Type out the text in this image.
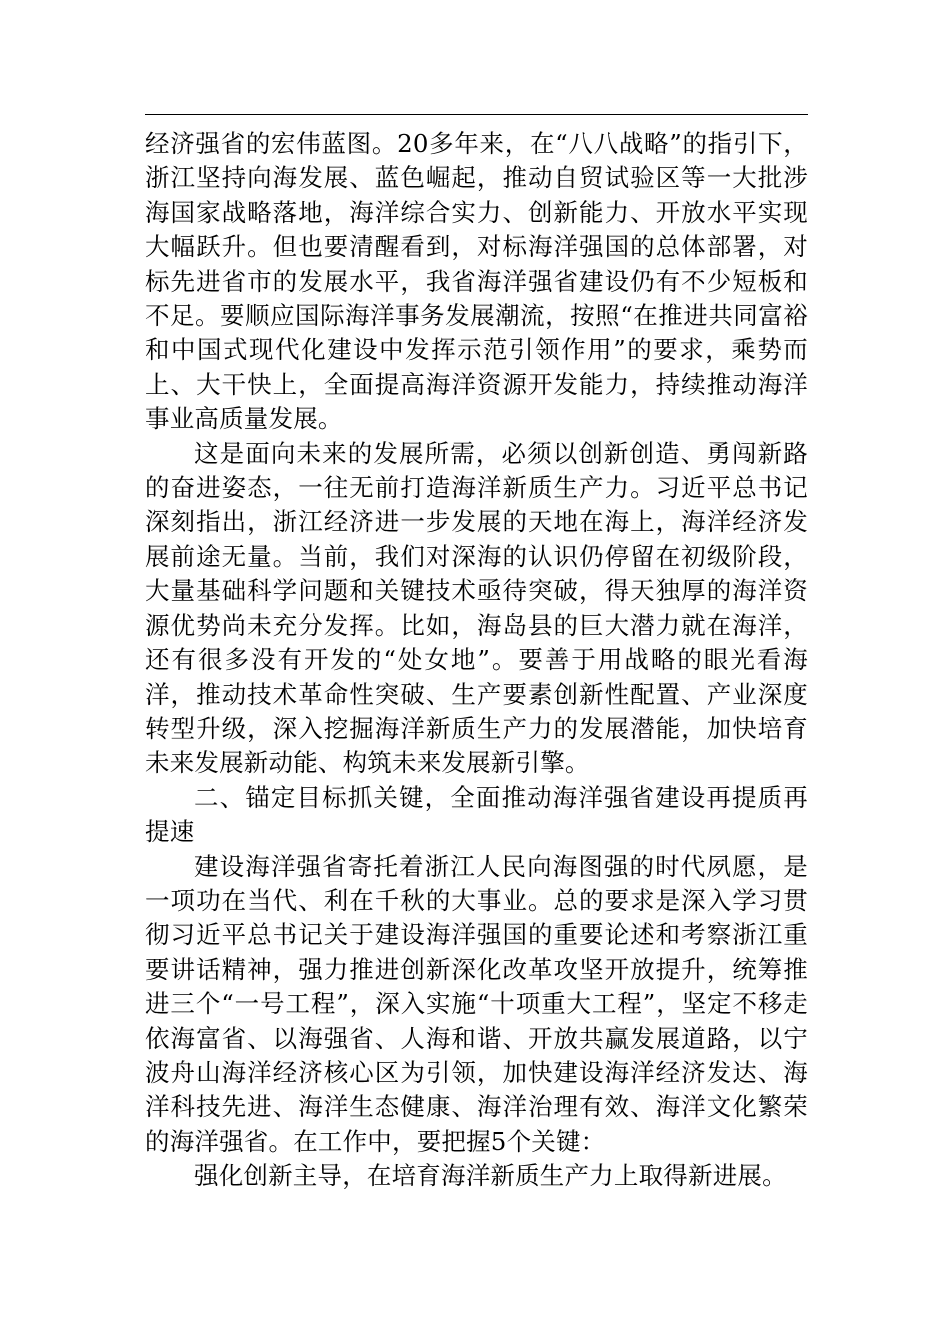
经济强省的宏伟蓝图。20多年来，在“八八战略”的指引下，浙江坚持向海发展、蓝色崛起，推动自贸试验区等一大批涉海国家战略落地，海洋综合实力、创新能力、开放水平实现大幅跃升。但也要清醒看到，对标海洋强国的总体部署，对标先进省市的发展水平，我省海洋强省建设仍有不少短板和不足。要顺应国际海洋事务发展潮流，按照“在推进共同富裕和中国式现代化建设中发挥示范引领作用”的要求，乘势而上、大干快上，全面提高海洋资源开发能力，持续推动海洋事业高质量发展。

这是面向未来的发展所需，必须以创新创造、勇闯新路的奋进姿态，一往无前打造海洋新质生产力。习近平总书记深刻指出，浙江经济进一步发展的天地在海上，海洋经济发展前途无量。当前，我们对深海的认识仍停留在初级阶段，大量基础科学问题和关键技术亟待突破，得天独厚的海洋资源优势尚未充分发挥。比如，海岛县的巨大潜力就在海洋，还有很多没有开发的“处女地”。要善于用战略的眼光看海洋，推动技术革命性突破、生产要素创新性配置、产业深度转型升级，深入挖掘海洋新质生产力的发展潜能，加快培育未来发展新动能、构筑未来发展新引擎。

二、锚定目标抓关键，全面推动海洋强省建设再提质再提速

建设海洋强省寄托着浙江人民向海图强的时代夙愿，是一项功在当代、利在千秋的大事业。总的要求是深入学习贯彻习近平总书记关于建设海洋强国的重要论述和考察浙江重要讲话精神，强力推进创新深化改革攻坚开放提升，统筹推进三个“一号工程”，深入实施“十项重大工程”，坚定不移走依海富省、以海强省、人海和谐、开放共赢发展道路，以宁波舟山海洋经济核心区为引领，加快建设海洋经济发达、海洋科技先进、海洋生态健康、海洋治理有效、海洋文化繁荣的海洋强省。在工作中，要把握5个关键：

强化创新主导，在培育海洋新质生产力上取得新进展。
